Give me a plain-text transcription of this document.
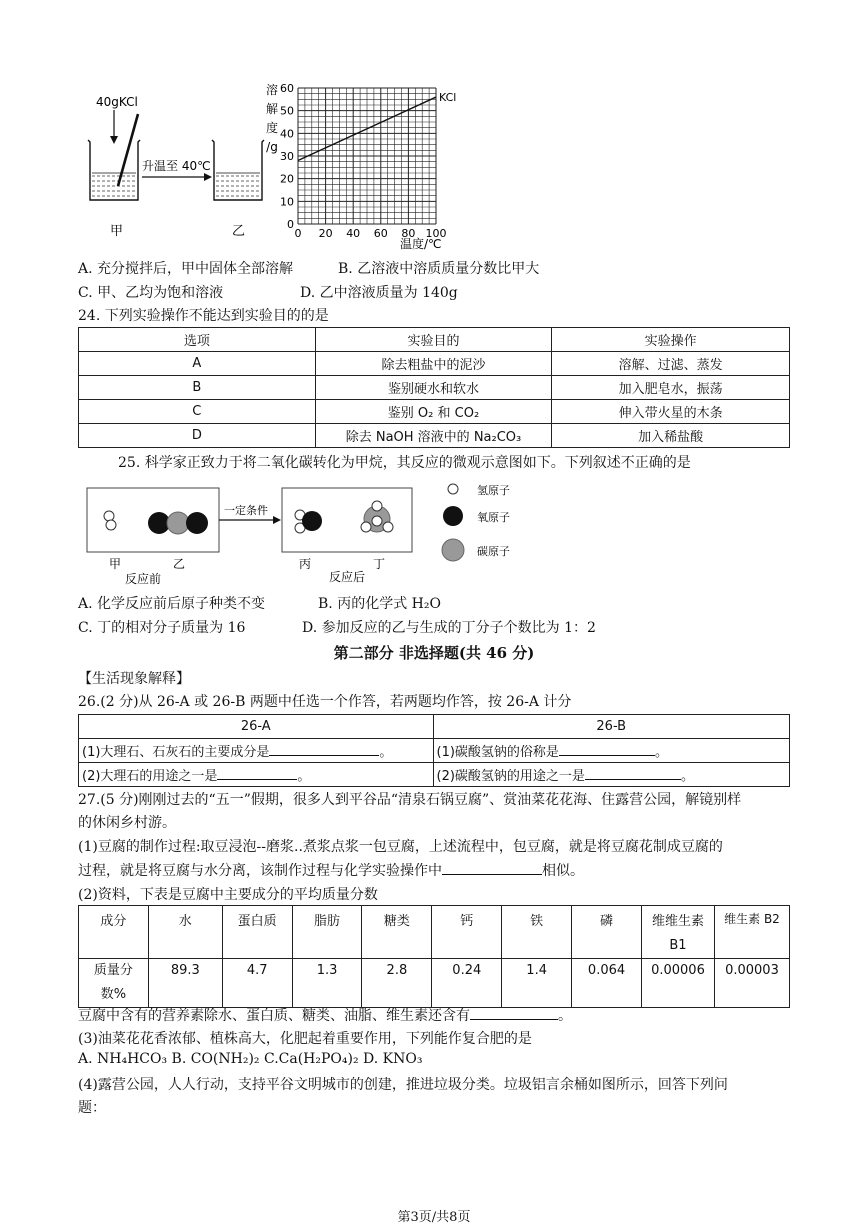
40gKCl
甲
升温至 40℃
乙
溶
解
度
/g
0
10
20
30
40
50
60
0 20 40 60 80 100
KCl
温度/℃
A. 充分搅拌后，甲中固体全部溶解	B. 乙溶液中溶质质量分数比甲大
C. 甲、乙均为饱和溶液	D. 乙中溶液质量为 140g
24. 下列实验操作不能达到实验目的的是
选项	实验目的	实验操作
A	除去粗盐中的泥沙	溶解、过滤、蒸发
B	鉴别硬水和软水	加入肥皂水，振荡
C	鉴别 O₂ 和 CO₂	伸入带火星的木条
D	除去 NaOH 溶液中的 Na₂CO₃	加入稀盐酸
25. 科学家正致力于将二氧化碳转化为甲烷，其反应的微观示意图如下。下列叙述不正确的是
一定条件
甲	乙
反应前
丙	丁
反应后
氢原子
氧原子
碳原子
A. 化学反应前后原子种类不变	B. 丙的化学式 H₂O
C. 丁的相对分子质量为 16	D. 参加反应的乙与生成的丁分子个数比为 1：2
第二部分 非选择题(共 46 分)
【生活现象解释】
26.(2 分)从 26-A 或 26-B 两题中任选一个作答，若两题均作答，按 26-A 计分
26-A	26-B
(1)大理石、石灰石的主要成分是 。	(1)碳酸氢钠的俗称是 。
(2)大理石的用途之一是 。	(2)碳酸氢钠的用途之一是 。
27.(5 分)刚刚过去的“五一”假期，很多人到平谷品“清泉石锅豆腐”、赏油菜花花海、住露营公园，解镜别样
的休闲乡村游。
(1)豆腐的制作过程:取豆浸泡--磨浆..煮浆点浆一包豆腐，上述流程中，包豆腐，就是将豆腐花制成豆腐的
过程，就是将豆腐与水分离，该制作过程与化学实验操作中	相似。
(2)资料，下表是豆腐中主要成分的平均质量分数
成分	水	蛋白质	脂肪	糖类	钙	铁	磷	维维生素 B1	维生素 B2
质量分数%	89.3	4.7	1.3	2.8	0.24	1.4	0.064	0.00006	0.00003
豆腐中含有的营养素除水、蛋白质、糖类、油脂、维生素还含有	。
(3)油菜花花香浓郁、植株高大，化肥起着重要作用，下列能作复合肥的是
A. NH₄HCO₃ B. CO(NH₂)₂ C.Ca(H₂PO₄)₂ D. KNO₃
(4)露营公园，人人行动，支持平谷文明城市的创建，推进垃圾分类。垃圾铝言余桶如图所示，回答下列问
题：
第3页/共8页
